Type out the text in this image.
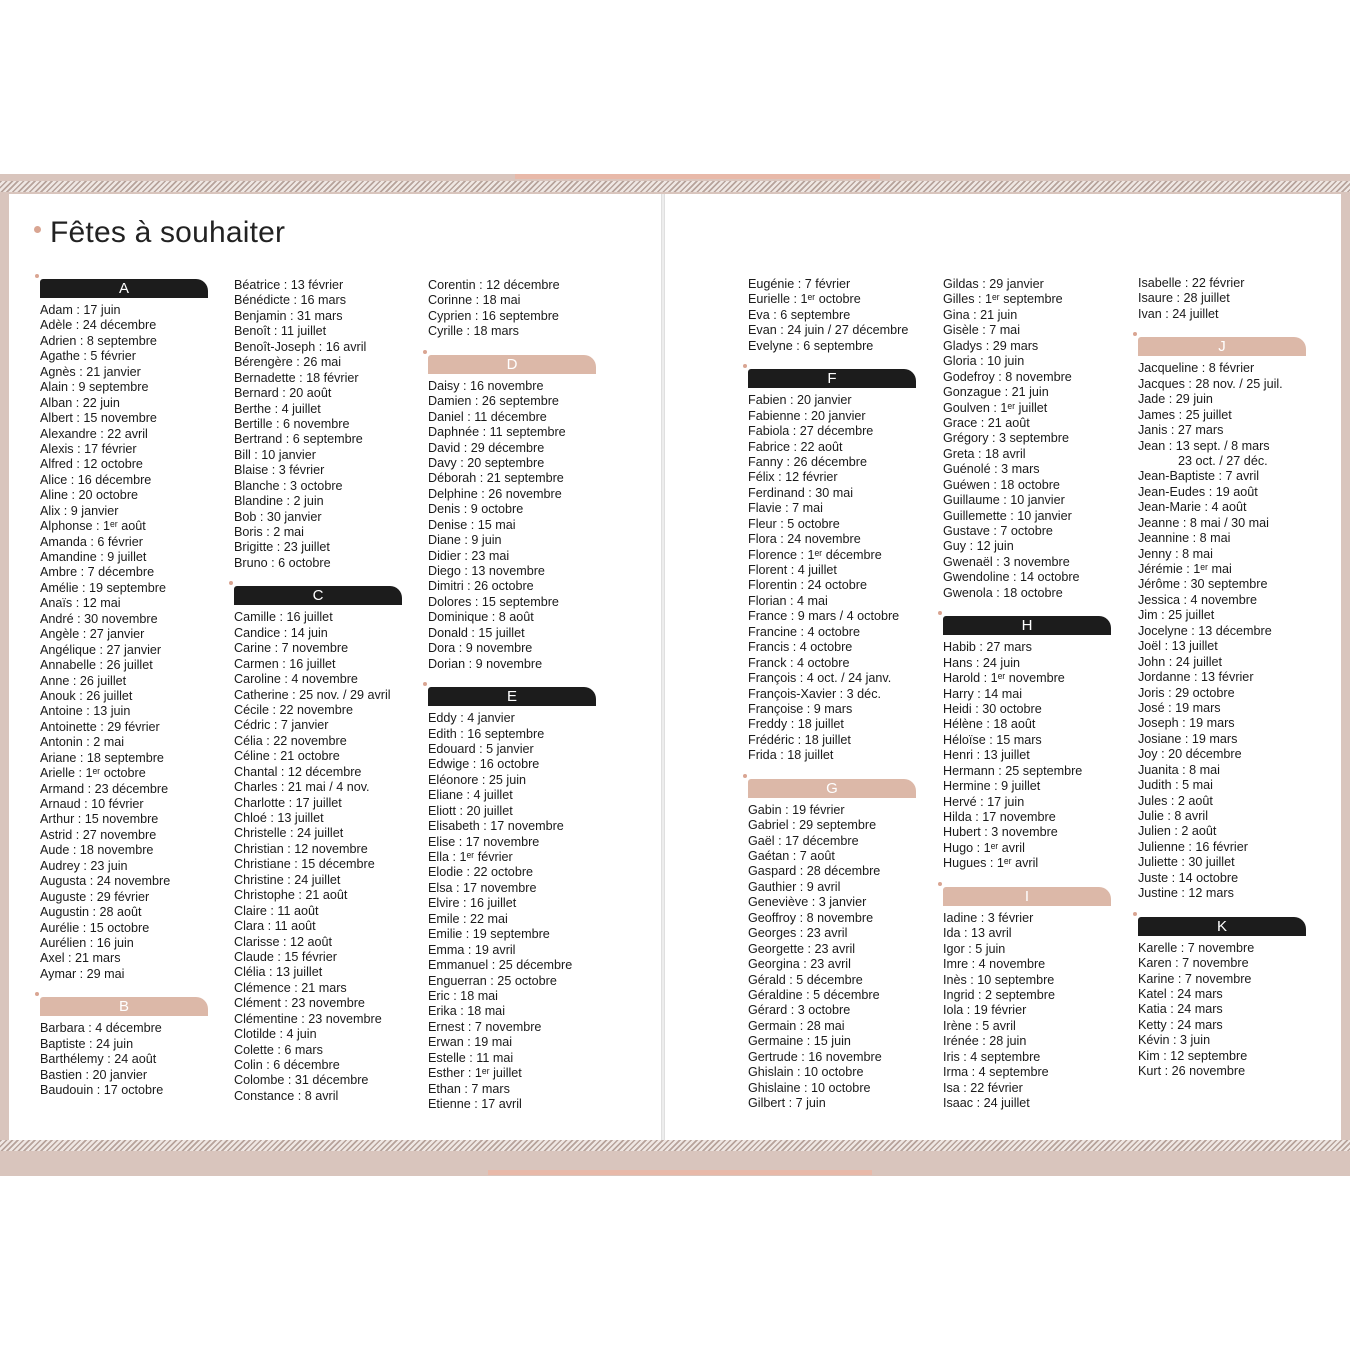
Fêtes à souhaiter
A
Adam : 17 juin
Adèle : 24 décembre
Adrien : 8 septembre
Agathe : 5 février
Agnès : 21 janvier
Alain : 9 septembre
Alban : 22 juin
Albert : 15 novembre
Alexandre : 22 avril
Alexis : 17 février
Alfred : 12 octobre
Alice : 16 décembre
Aline : 20 octobre
Alix : 9 janvier
Alphonse : 1ᵉʳ août
Amanda : 6 février
Amandine : 9 juillet
Ambre : 7 décembre
Amélie : 19 septembre
Anaïs : 12 mai
André : 30 novembre
Angèle : 27 janvier
Angélique : 27 janvier
Annabelle : 26 juillet
Anne : 26 juillet
Anouk : 26 juillet
Antoine : 13 juin
Antoinette : 29 février
Antonin : 2 mai
Ariane : 18 septembre
Arielle : 1ᵉʳ octobre
Armand : 23 décembre
Arnaud : 10 février
Arthur : 15 novembre
Astrid : 27 novembre
Aude : 18 novembre
Audrey : 23 juin
Augusta : 24 novembre
Auguste : 29 février
Augustin : 28 août
Aurélie : 15 octobre
Aurélien : 16 juin
Axel : 21 mars
Aymar : 29 mai
B
Barbara : 4 décembre
Baptiste : 24 juin
Barthélemy : 24 août
Bastien : 20 janvier
Baudouin : 17 octobre
Béatrice : 13 février
Bénédicte : 16 mars
Benjamin : 31 mars
Benoît : 11 juillet
Benoît-Joseph : 16 avril
Bérengère : 26 mai
Bernadette : 18 février
Bernard : 20 août
Berthe : 4 juillet
Bertille : 6 novembre
Bertrand : 6 septembre
Bill : 10 janvier
Blaise : 3 février
Blanche : 3 octobre
Blandine : 2 juin
Bob : 30 janvier
Boris : 2 mai
Brigitte : 23 juillet
Bruno : 6 octobre
C
Camille : 16 juillet
Candice : 14 juin
Carine : 7 novembre
Carmen : 16 juillet
Caroline : 4 novembre
Catherine : 25 nov. / 29 avril
Cécile : 22 novembre
Cédric : 7 janvier
Célia : 22 novembre
Céline : 21 octobre
Chantal : 12 décembre
Charles : 21 mai / 4 nov.
Charlotte : 17 juillet
Chloé : 13 juillet
Christelle : 24 juillet
Christian : 12 novembre
Christiane : 15 décembre
Christine : 24 juillet
Christophe : 21 août
Claire : 11 août
Clara : 11 août
Clarisse : 12 août
Claude : 15 février
Clélia : 13 juillet
Clémence : 21 mars
Clément : 23 novembre
Clémentine : 23 novembre
Clotilde : 4 juin
Colette : 6 mars
Colin : 6 décembre
Colombe : 31 décembre
Constance : 8 avril
Corentin : 12 décembre
Corinne : 18 mai
Cyprien : 16 septembre
Cyrille : 18 mars
D
Daisy : 16 novembre
Damien : 26 septembre
Daniel : 11 décembre
Daphnée : 11 septembre
David : 29 décembre
Davy : 20 septembre
Déborah : 21 septembre
Delphine : 26 novembre
Denis : 9 octobre
Denise : 15 mai
Diane : 9 juin
Didier : 23 mai
Diego : 13 novembre
Dimitri : 26 octobre
Dolores : 15 septembre
Dominique : 8 août
Donald : 15 juillet
Dora : 9 novembre
Dorian : 9 novembre
E
Eddy : 4 janvier
Edith : 16 septembre
Edouard : 5 janvier
Edwige : 16 octobre
Eléonore : 25 juin
Eliane : 4 juillet
Eliott : 20 juillet
Elisabeth : 17 novembre
Elise : 17 novembre
Ella : 1ᵉʳ février
Elodie : 22 octobre
Elsa : 17 novembre
Elvire : 16 juillet
Emile : 22 mai
Emilie : 19 septembre
Emma : 19 avril
Emmanuel : 25 décembre
Enguerran : 25 octobre
Eric : 18 mai
Erika : 18 mai
Ernest : 7 novembre
Erwan : 19 mai
Estelle : 11 mai
Esther : 1ᵉʳ juillet
Ethan : 7 mars
Etienne : 17 avril
Eugénie : 7 février
Eurielle : 1ᵉʳ octobre
Eva : 6 septembre
Evan : 24 juin / 27 décembre
Evelyne : 6 septembre
F
Fabien : 20 janvier
Fabienne : 20 janvier
Fabiola : 27 décembre
Fabrice : 22 août
Fanny : 26 décembre
Félix : 12 février
Ferdinand : 30 mai
Flavie : 7 mai
Fleur : 5 octobre
Flora : 24 novembre
Florence : 1ᵉʳ décembre
Florent : 4 juillet
Florentin : 24 octobre
Florian : 4 mai
France : 9 mars / 4 octobre
Francine : 4 octobre
Francis : 4 octobre
Franck : 4 octobre
François : 4 oct. / 24 janv.
François-Xavier : 3 déc.
Françoise : 9 mars
Freddy : 18 juillet
Frédéric : 18 juillet
Frida : 18 juillet
G
Gabin : 19 février
Gabriel : 29 septembre
Gaël : 17 décembre
Gaétan : 7 août
Gaspard : 28 décembre
Gauthier : 9 avril
Geneviève : 3 janvier
Geoffroy : 8 novembre
Georges : 23 avril
Georgette : 23 avril
Georgina : 23 avril
Gérald : 5 décembre
Géraldine : 5 décembre
Gérard : 3 octobre
Germain : 28 mai
Germaine : 15 juin
Gertrude : 16 novembre
Ghislain : 10 octobre
Ghislaine : 10 octobre
Gilbert : 7 juin
Gildas : 29 janvier
Gilles : 1ᵉʳ septembre
Gina : 21 juin
Gisèle : 7 mai
Gladys : 29 mars
Gloria : 10 juin
Godefroy : 8 novembre
Gonzague : 21 juin
Goulven : 1ᵉʳ juillet
Grace : 21 août
Grégory : 3 septembre
Greta : 18 avril
Guénolé : 3 mars
Guéwen : 18 octobre
Guillaume : 10 janvier
Guillemette : 10 janvier
Gustave : 7 octobre
Guy : 12 juin
Gwenaël : 3 novembre
Gwendoline : 14 octobre
Gwenola : 18 octobre
H
Habib : 27 mars
Hans : 24 juin
Harold : 1ᵉʳ novembre
Harry : 14 mai
Heidi : 30 octobre
Hélène : 18 août
Héloïse : 15 mars
Henri : 13 juillet
Hermann : 25 septembre
Hermine : 9 juillet
Hervé : 17 juin
Hilda : 17 novembre
Hubert : 3 novembre
Hugo : 1ᵉʳ avril
Hugues : 1ᵉʳ avril
I
Iadine : 3 février
Ida : 13 avril
Igor : 5 juin
Imre : 4 novembre
Inès : 10 septembre
Ingrid : 2 septembre
Iola : 19 février
Irène : 5 avril
Irénée : 28 juin
Iris : 4 septembre
Irma : 4 septembre
Isa : 22 février
Isaac : 24 juillet
Isabelle : 22 février
Isaure : 28 juillet
Ivan : 24 juillet
J
Jacqueline : 8 février
Jacques : 28 nov. / 25 juil.
Jade : 29 juin
James : 25 juillet
Janis : 27 mars
Jean : 13 sept. / 8 mars
23 oct. / 27 déc.
Jean-Baptiste : 7 avril
Jean-Eudes : 19 août
Jean-Marie : 4 août
Jeanne : 8 mai / 30 mai
Jeannine : 8 mai
Jenny : 8 mai
Jérémie : 1ᵉʳ mai
Jérôme : 30 septembre
Jessica : 4 novembre
Jim : 25 juillet
Jocelyne : 13 décembre
Joël : 13 juillet
John : 24 juillet
Jordanne : 13 février
Joris : 29 octobre
José : 19 mars
Joseph : 19 mars
Josiane : 19 mars
Joy : 20 décembre
Juanita : 8 mai
Judith : 5 mai
Jules : 2 août
Julie : 8 avril
Julien : 2 août
Julienne : 16 février
Juliette : 30 juillet
Juste : 14 octobre
Justine : 12 mars
K
Karelle : 7 novembre
Karen : 7 novembre
Karine : 7 novembre
Katel : 24 mars
Katia : 24 mars
Ketty : 24 mars
Kévin : 3 juin
Kim : 12 septembre
Kurt : 26 novembre
